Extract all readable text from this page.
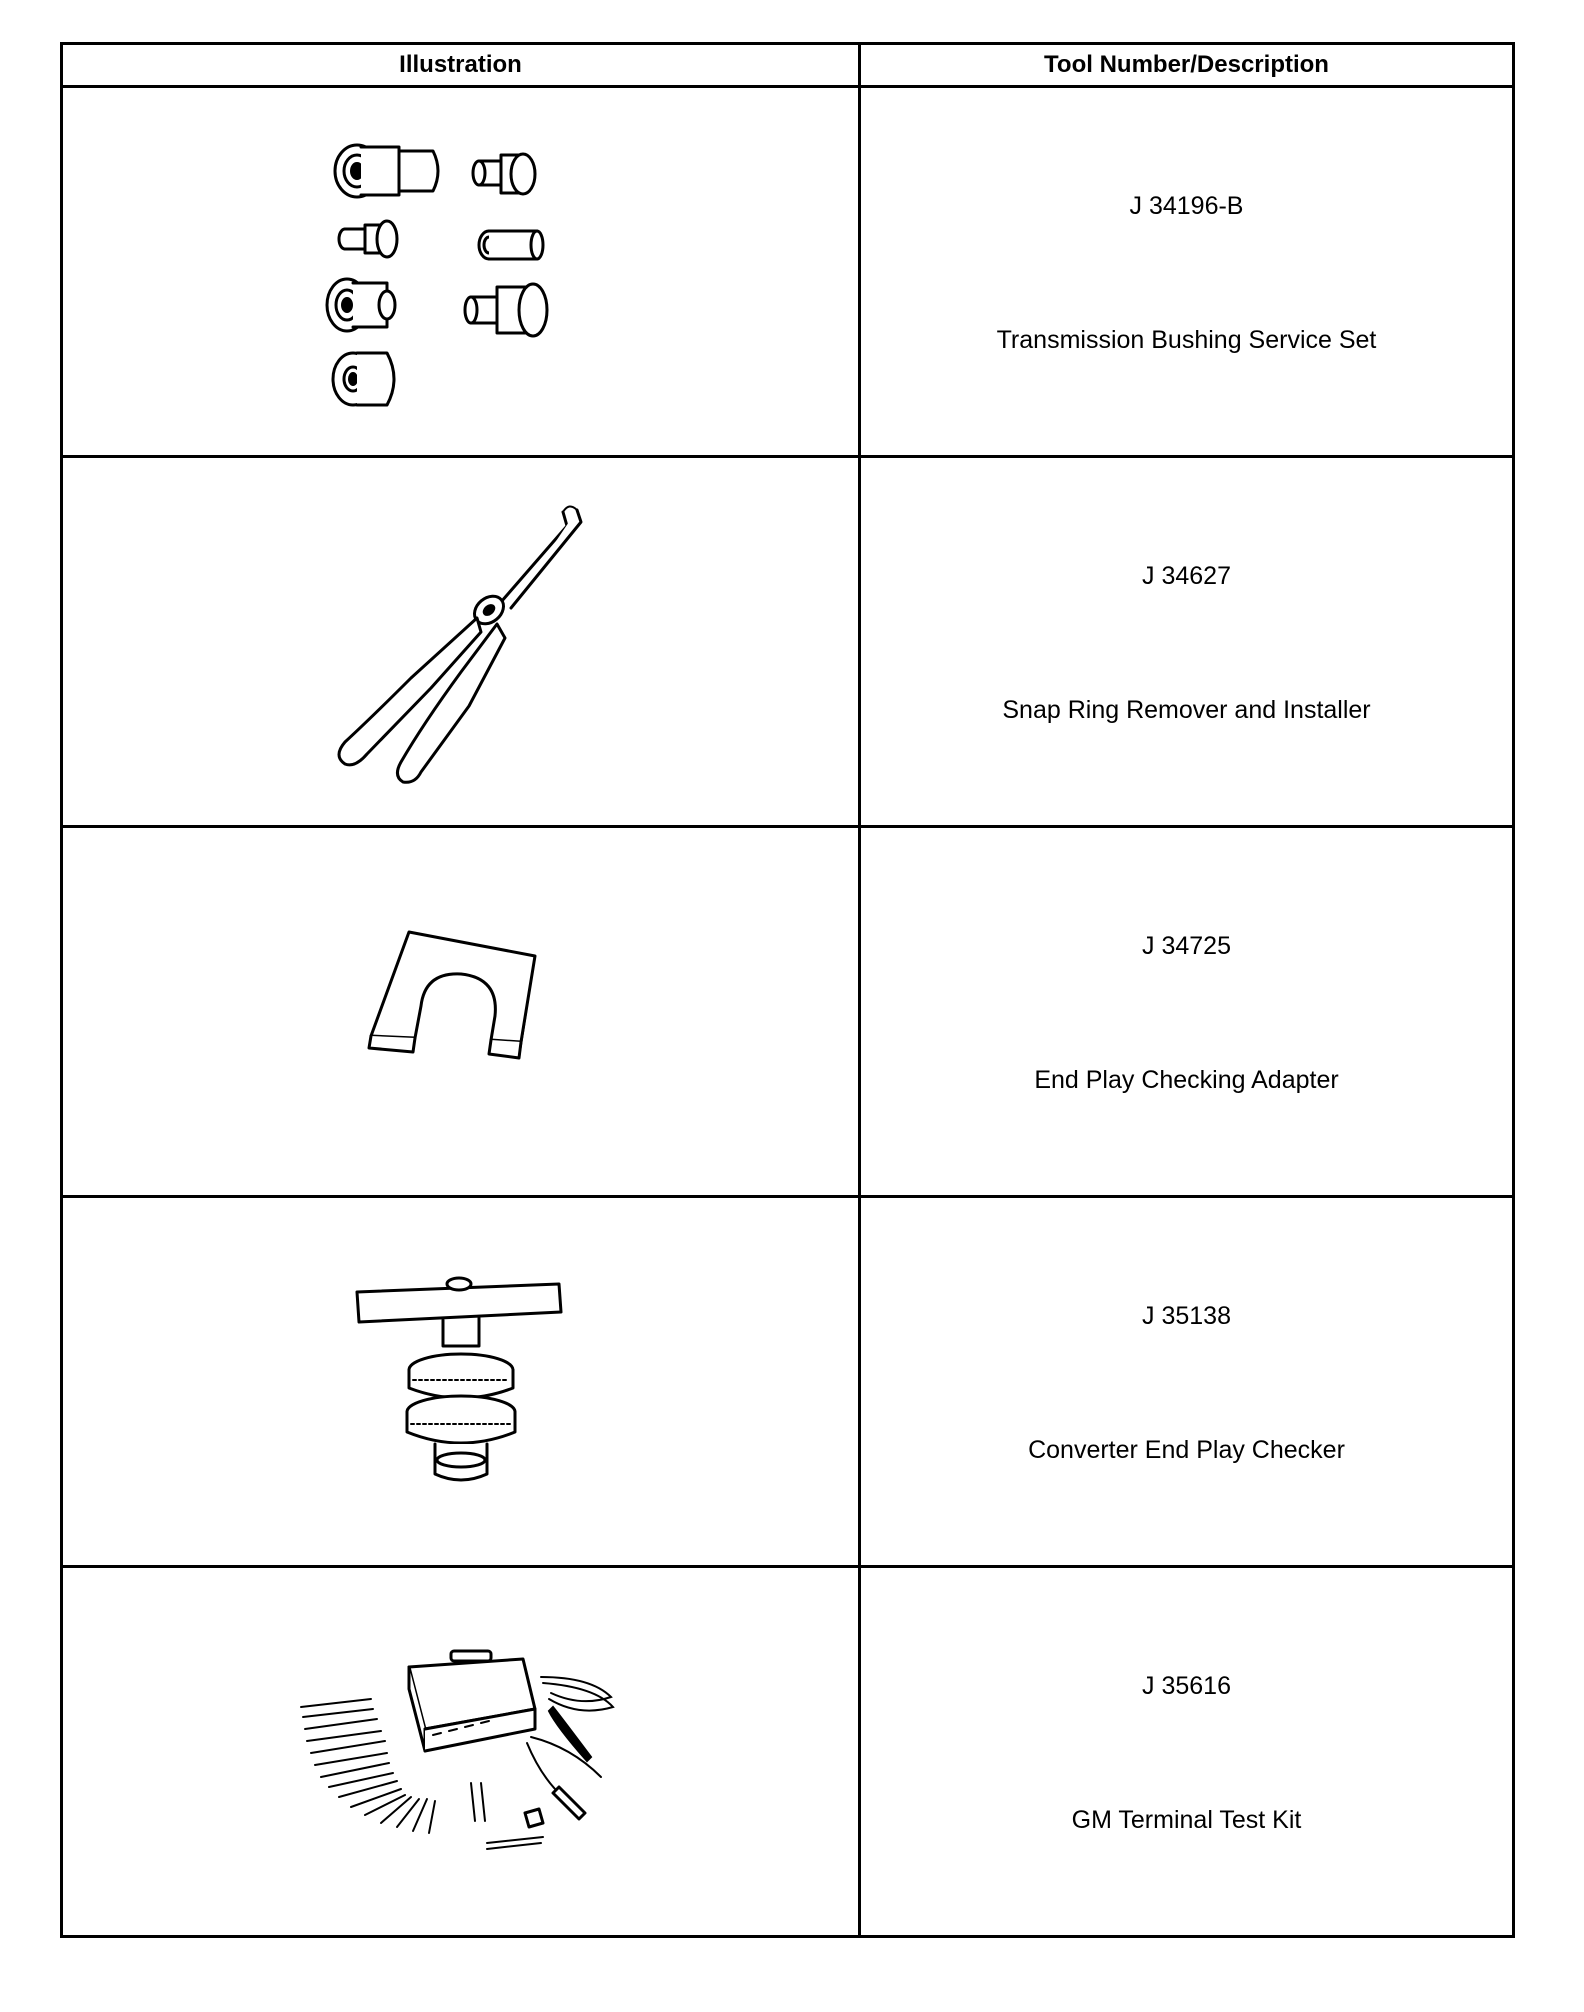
Illustration	Tool Number/Description

J 34196-B
Transmission Bushing Service Set

J 34627
Snap Ring Remover and Installer

J 34725
End Play Checking Adapter

J 35138
Converter End Play Checker

J 35616
GM Terminal Test Kit
